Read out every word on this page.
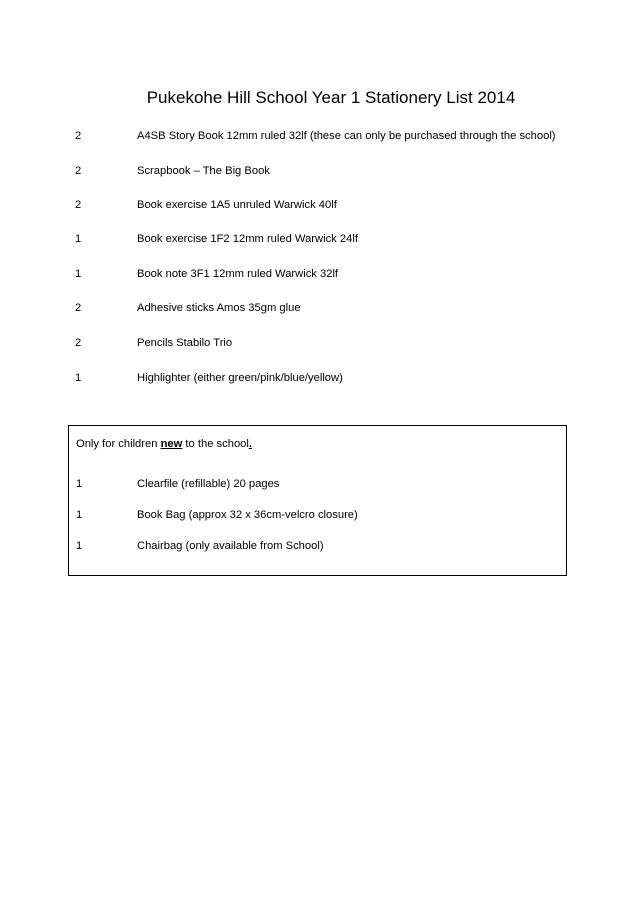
Pukekohe Hill School Year 1 Stationery List 2014
2	A4SB Story Book 12mm ruled 32lf (these can only be purchased through the school)
2	Scrapbook – The Big Book
2	Book exercise 1A5 unruled Warwick 40lf
1	Book exercise 1F2 12mm ruled Warwick 24lf
1	Book note 3F1 12mm ruled Warwick 32lf
2	Adhesive sticks Amos 35gm glue
2	Pencils Stabilo Trio
1	Highlighter (either green/pink/blue/yellow)
Only for children new to the school.
1	Clearfile (refillable) 20 pages
1	Book Bag (approx 32 x 36cm-velcro closure)
1	Chairbag (only available from School)
